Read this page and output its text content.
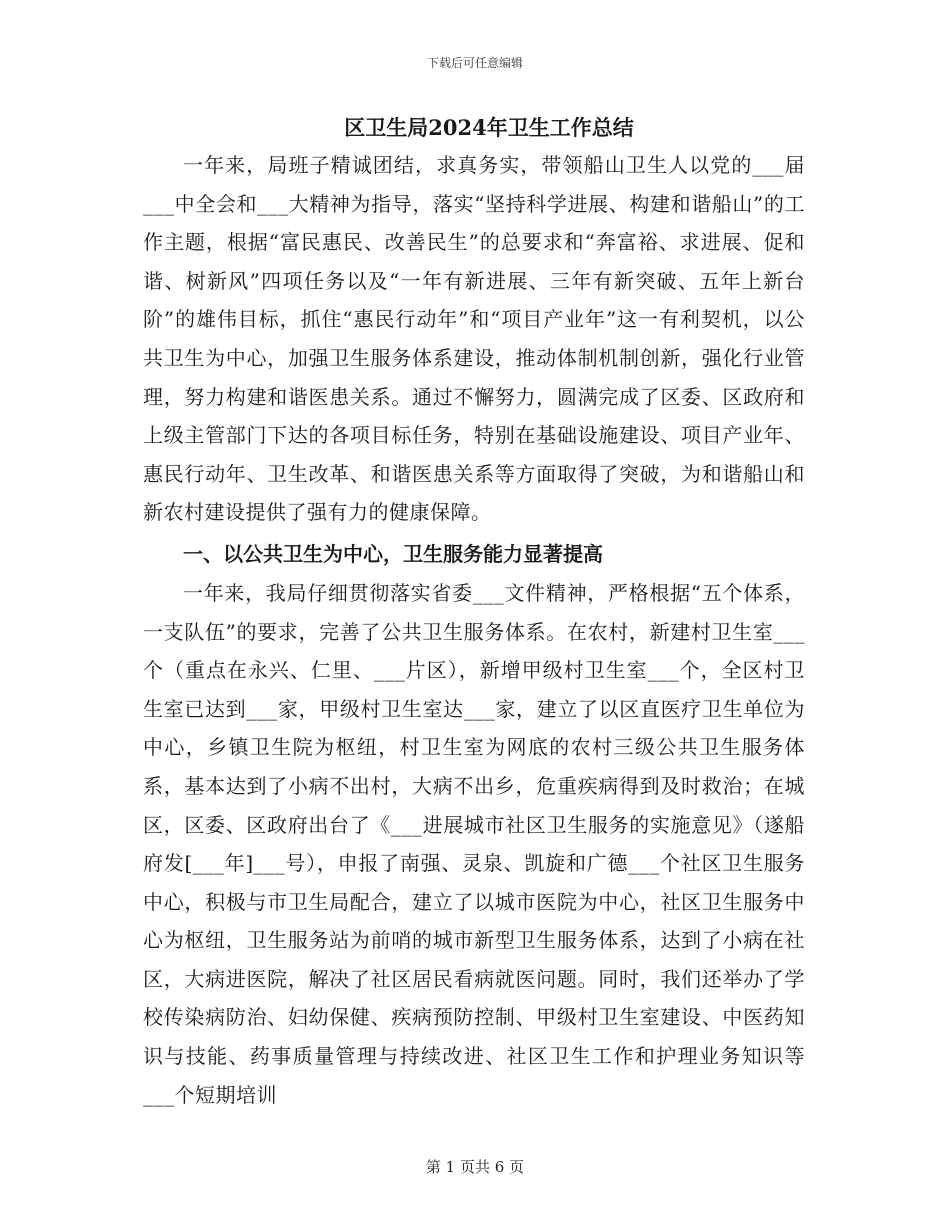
下载后可任意编辑
区卫生局2024年卫生工作总结

一年来，局班子精诚团结，求真务实，带领船山卫生人以党的___届___中全会和___大精神为指导，落实“坚持科学进展、构建和谐船山”的工作主题，根据“富民惠民、改善民生”的总要求和“奔富裕、求进展、促和谐、树新风”四项任务以及“一年有新进展、三年有新突破、五年上新台阶”的雄伟目标，抓住“惠民行动年”和“项目产业年”这一有利契机，以公共卫生为中心，加强卫生服务体系建设，推动体制机制创新，强化行业管理，努力构建和谐医患关系。通过不懈努力，圆满完成了区委、区政府和上级主管部门下达的各项目标任务，特别在基础设施建设、项目产业年、惠民行动年、卫生改革、和谐医患关系等方面取得了突破，为和谐船山和新农村建设提供了强有力的健康保障。

一、以公共卫生为中心，卫生服务能力显著提高

一年来，我局仔细贯彻落实省委___文件精神，严格根据“五个体系，一支队伍”的要求，完善了公共卫生服务体系。在农村，新建村卫生室___个（重点在永兴、仁里、___片区），新增甲级村卫生室___个，全区村卫生室已达到___家，甲级村卫生室达___家，建立了以区直医疗卫生单位为中心，乡镇卫生院为枢纽，村卫生室为网底的农村三级公共卫生服务体系，基本达到了小病不出村，大病不出乡，危重疾病得到及时救治；在城区，区委、区政府出台了《___进展城市社区卫生服务的实施意见》（遂船府发[___年]___号），申报了南强、灵泉、凯旋和广德___个社区卫生服务中心，积极与市卫生局配合，建立了以城市医院为中心，社区卫生服务中心为枢纽，卫生服务站为前哨的城市新型卫生服务体系，达到了小病在社区，大病进医院，解决了社区居民看病就医问题。同时，我们还举办了学校传染病防治、妇幼保健、疾病预防控制、甲级村卫生室建设、中医药知识与技能、药事质量管理与持续改进、社区卫生工作和护理业务知识等___个短期培训

第 1 页共 6 页
